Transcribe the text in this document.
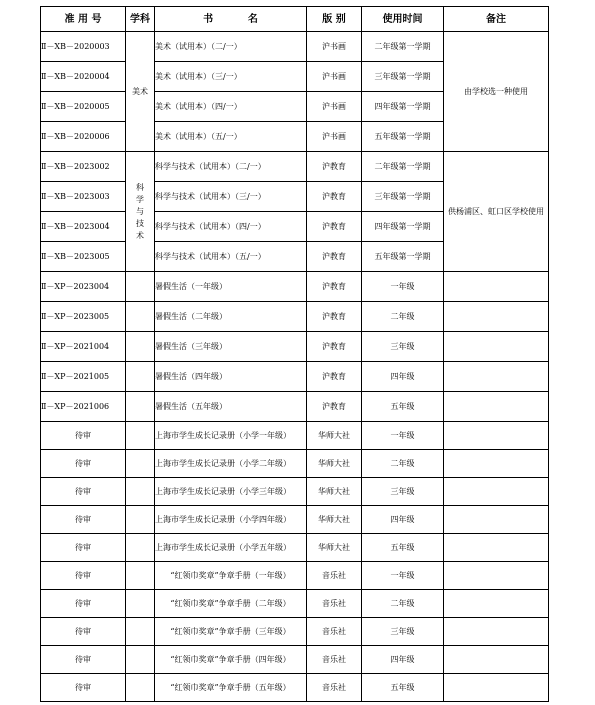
准 用 号	学科	书          名	版 别	使用时间	备注
Ⅱ－XB－2020003	美术	美术（试用本）（二/一）	沪书画	二年级第一学期	由学校选一种使用
Ⅱ－XB－2020004		美术（试用本）（三/一）	沪书画	三年级第一学期	
Ⅱ－XB－2020005		美术（试用本）（四/一）	沪书画	四年级第一学期	
Ⅱ－XB－2020006		美术（试用本）（五/一）	沪书画	五年级第一学期	
Ⅱ－XB－2023002	科学与技术	科学与技术（试用本）（二/一）	沪教育	二年级第一学期	供杨浦区、虹口区学校使用
Ⅱ－XB－2023003		科学与技术（试用本）（三/一）	沪教育	三年级第一学期	
Ⅱ－XB－2023004		科学与技术（试用本）（四/一）	沪教育	四年级第一学期	
Ⅱ－XB－2023005		科学与技术（试用本）（五/一）	沪教育	五年级第一学期	
Ⅱ－XP－2023004		暑假生活（一年级）	沪教育	一年级	
Ⅱ－XP－2023005		暑假生活（二年级）	沪教育	二年级	
Ⅱ－XP－2021004		暑假生活（三年级）	沪教育	三年级	
Ⅱ－XP－2021005		暑假生活（四年级）	沪教育	四年级	
Ⅱ－XP－2021006		暑假生活（五年级）	沪教育	五年级	
待审		上海市学生成长记录册（小学一年级）	华师大社	一年级	
待审		上海市学生成长记录册（小学二年级）	华师大社	二年级	
待审		上海市学生成长记录册（小学三年级）	华师大社	三年级	
待审		上海市学生成长记录册（小学四年级）	华师大社	四年级	
待审		上海市学生成长记录册（小学五年级）	华师大社	五年级	
待审		“红领巾奖章”争章手册（一年级）	音乐社	一年级	
待审		“红领巾奖章”争章手册（二年级）	音乐社	二年级	
待审		“红领巾奖章”争章手册（三年级）	音乐社	三年级	
待审		“红领巾奖章”争章手册（四年级）	音乐社	四年级	
待审		“红领巾奖章”争章手册（五年级）	音乐社	五年级	
